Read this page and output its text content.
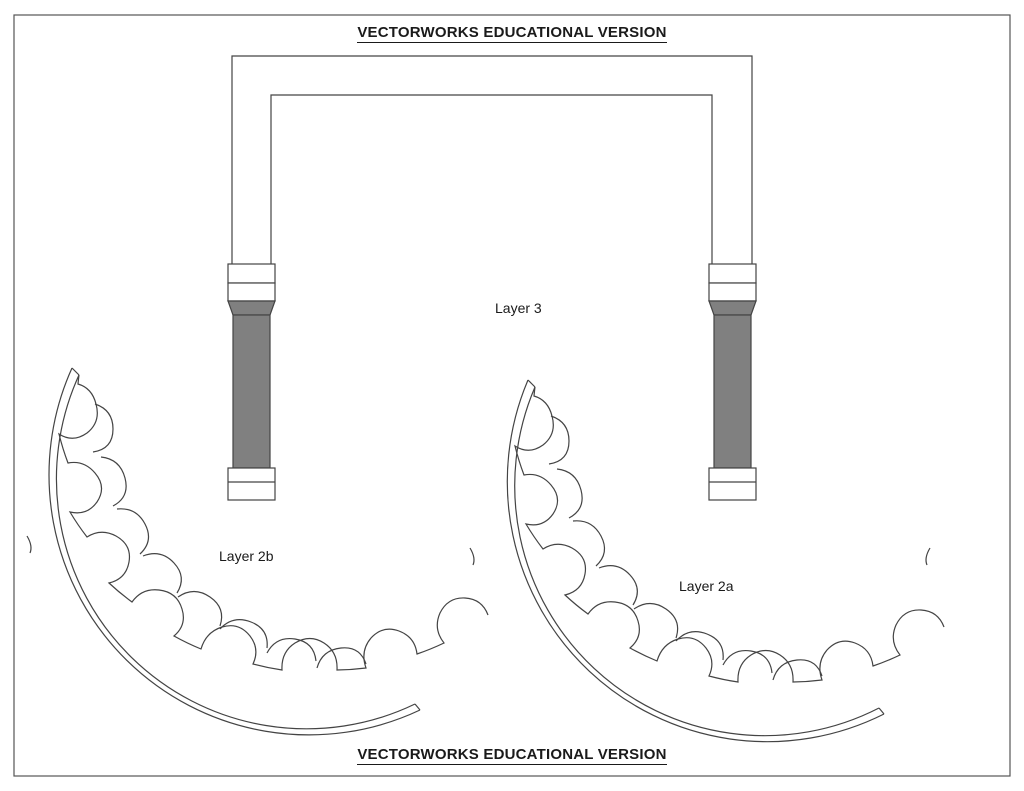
VECTORWORKS EDUCATIONAL VERSION
VECTORWORKS EDUCATIONAL VERSION
Layer 3
Layer 2b
Layer 2a
